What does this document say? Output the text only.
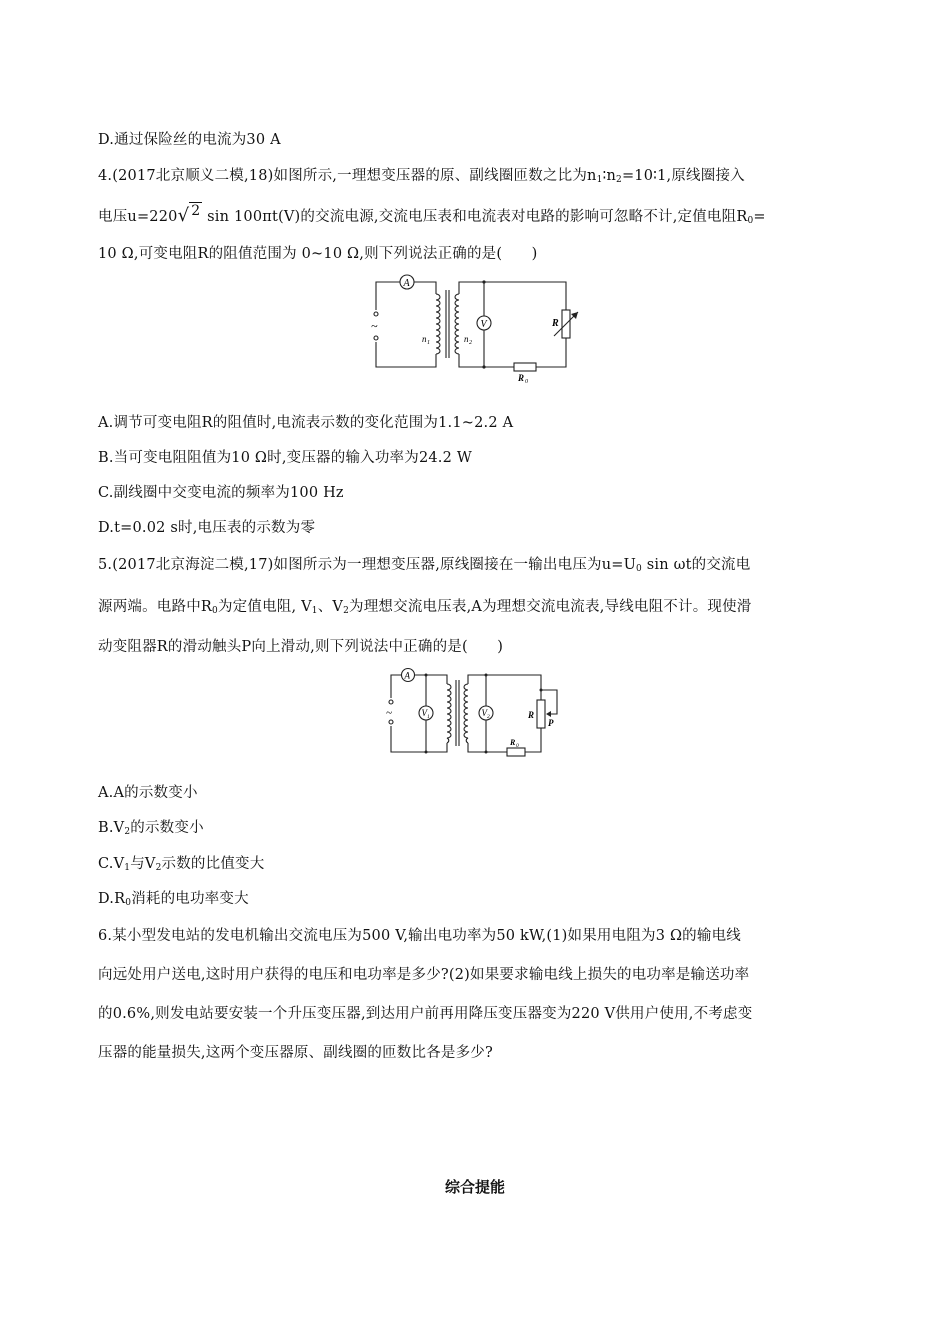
D.通过保险丝的电流为30 A
4.(2017北京顺义二模,18)如图所示,一理想变压器的原、副线圈匝数之比为$n_1∶n_2=10∶1$,原线圈接入
电压u=220√ 2 sin 100πt(V)的交流电源,交流电压表和电流表对电路的影响可忽略不计,定值电阻$R_0=$
10 Ω,可变电阻R的阻值范围为 0~10 Ω,则下列说法正确的是(　　)
A
V
~
n 1	n 2
R
R 0
A.调节可变电阻R的阻值时,电流表示数的变化范围为1.1~2.2 A
B.当可变电阻阻值为10 Ω时,变压器的输入功率为24.2 W
C.副线圈中交变电流的频率为100 Hz
D.t=0.02 s时,电压表的示数为零
5.(2017北京海淀二模,17)如图所示为一理想变压器,原线圈接在一输出电压为$u=U_0$ sin ωt的交流电
源两端。电路中$R_0$为定值电阻, $V_1$、$V_2$为理想交流电压表,A为理想交流电流表,导线电阻不计。现使滑
动变阻器R的滑动触头P向上滑动,则下列说法中正确的是(　　)
A
V 1	V 2
~	R
P
R 0
A.A的示数变小
$B.V_2$的示数变小
$C.V_1$与$V_2$示数的比值变大
$D.R_0$消耗的电功率变大
6.某小型发电站的发电机输出交流电压为500 V,输出电功率为50 kW,(1)如果用电阻为3 Ω的输电线
向远处用户送电,这时用户获得的电压和电功率是多少?(2)如果要求输电线上损失的电功率是输送功率
的0.6%,则发电站要安装一个升压变压器,到达用户前再用降压变压器变为220 V供用户使用,不考虑变
压器的能量损失,这两个变压器原、副线圈的匝数比各是多少?
综合提能
